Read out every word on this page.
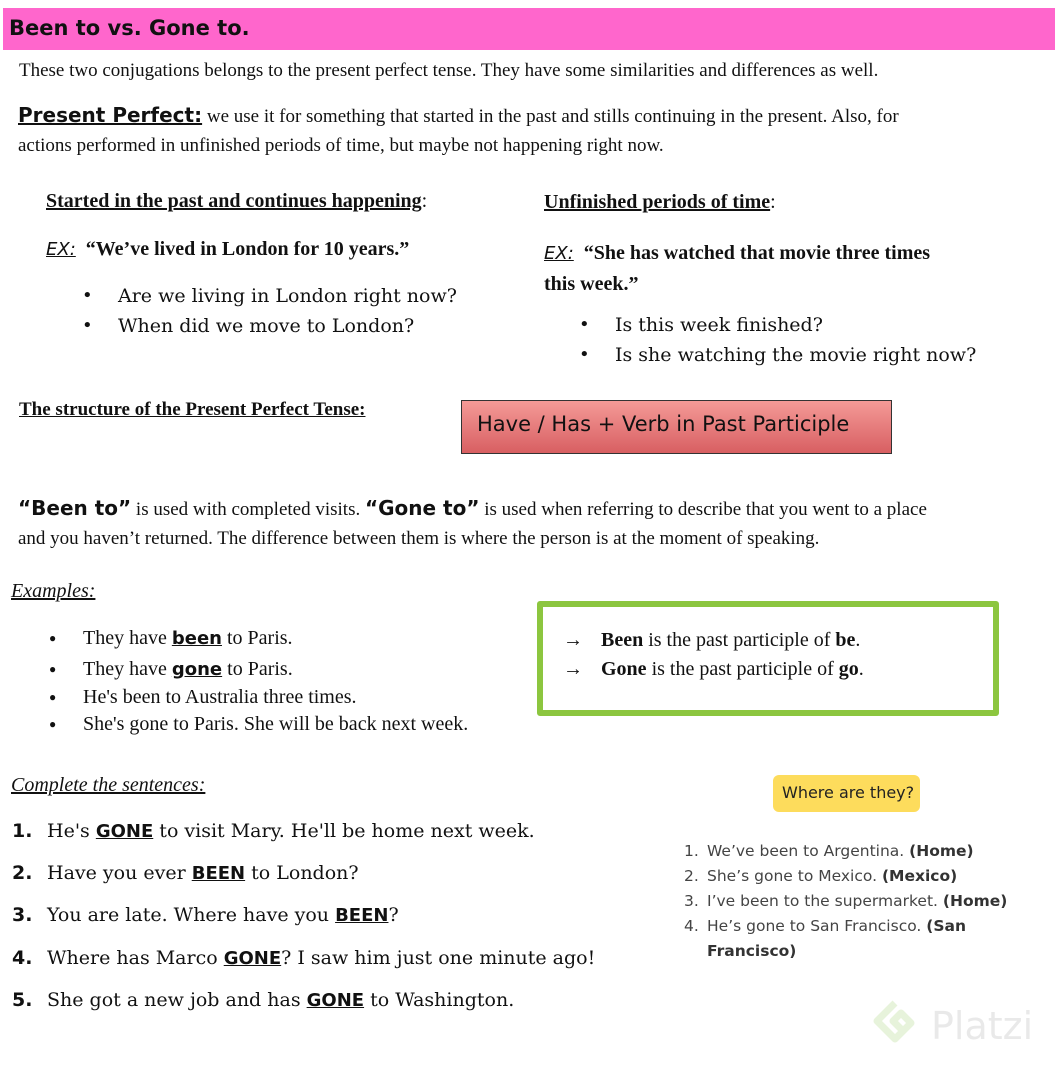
Been to vs. Gone to.
These two conjugations belongs to the present perfect tense. They have some similarities and differences as well.
Present Perfect: we use it for something that started in the past and stills continuing in the present. Also, for
actions performed in unfinished periods of time, but maybe not happening right now.
Started in the past and continues happening:
EX: “We’ve lived in London for 10 years.”
• Are we living in London right now?
• When did we move to London?
Unfinished periods of time:
EX: “She has watched that movie three times
this week.”
• Is this week finished?
• Is she watching the movie right now?
The structure of the Present Perfect Tense:
Have / Has + Verb in Past Participle
“Been to” is used with completed visits. “Gone to” is used when referring to describe that you went to a place
and you haven’t returned. The difference between them is where the person is at the moment of speaking.
Examples:
● They have been to Paris.
● They have gone to Paris.
● He's been to Australia three times.
● She's gone to Paris. She will be back next week.
→ Been is the past participle of be.
→ Gone is the past participle of go.
Complete the sentences:
1. He's GONE to visit Mary. He'll be home next week.
2. Have you ever BEEN to London?
3. You are late. Where have you BEEN?
4. Where has Marco GONE? I saw him just one minute ago!
5. She got a new job and has GONE to Washington.
Where are they?
1. We’ve been to Argentina. (Home)
2. She’s gone to Mexico. (Mexico)
3. I’ve been to the supermarket. (Home)
4. He’s gone to San Francisco. (San
Francisco)
Platzi
